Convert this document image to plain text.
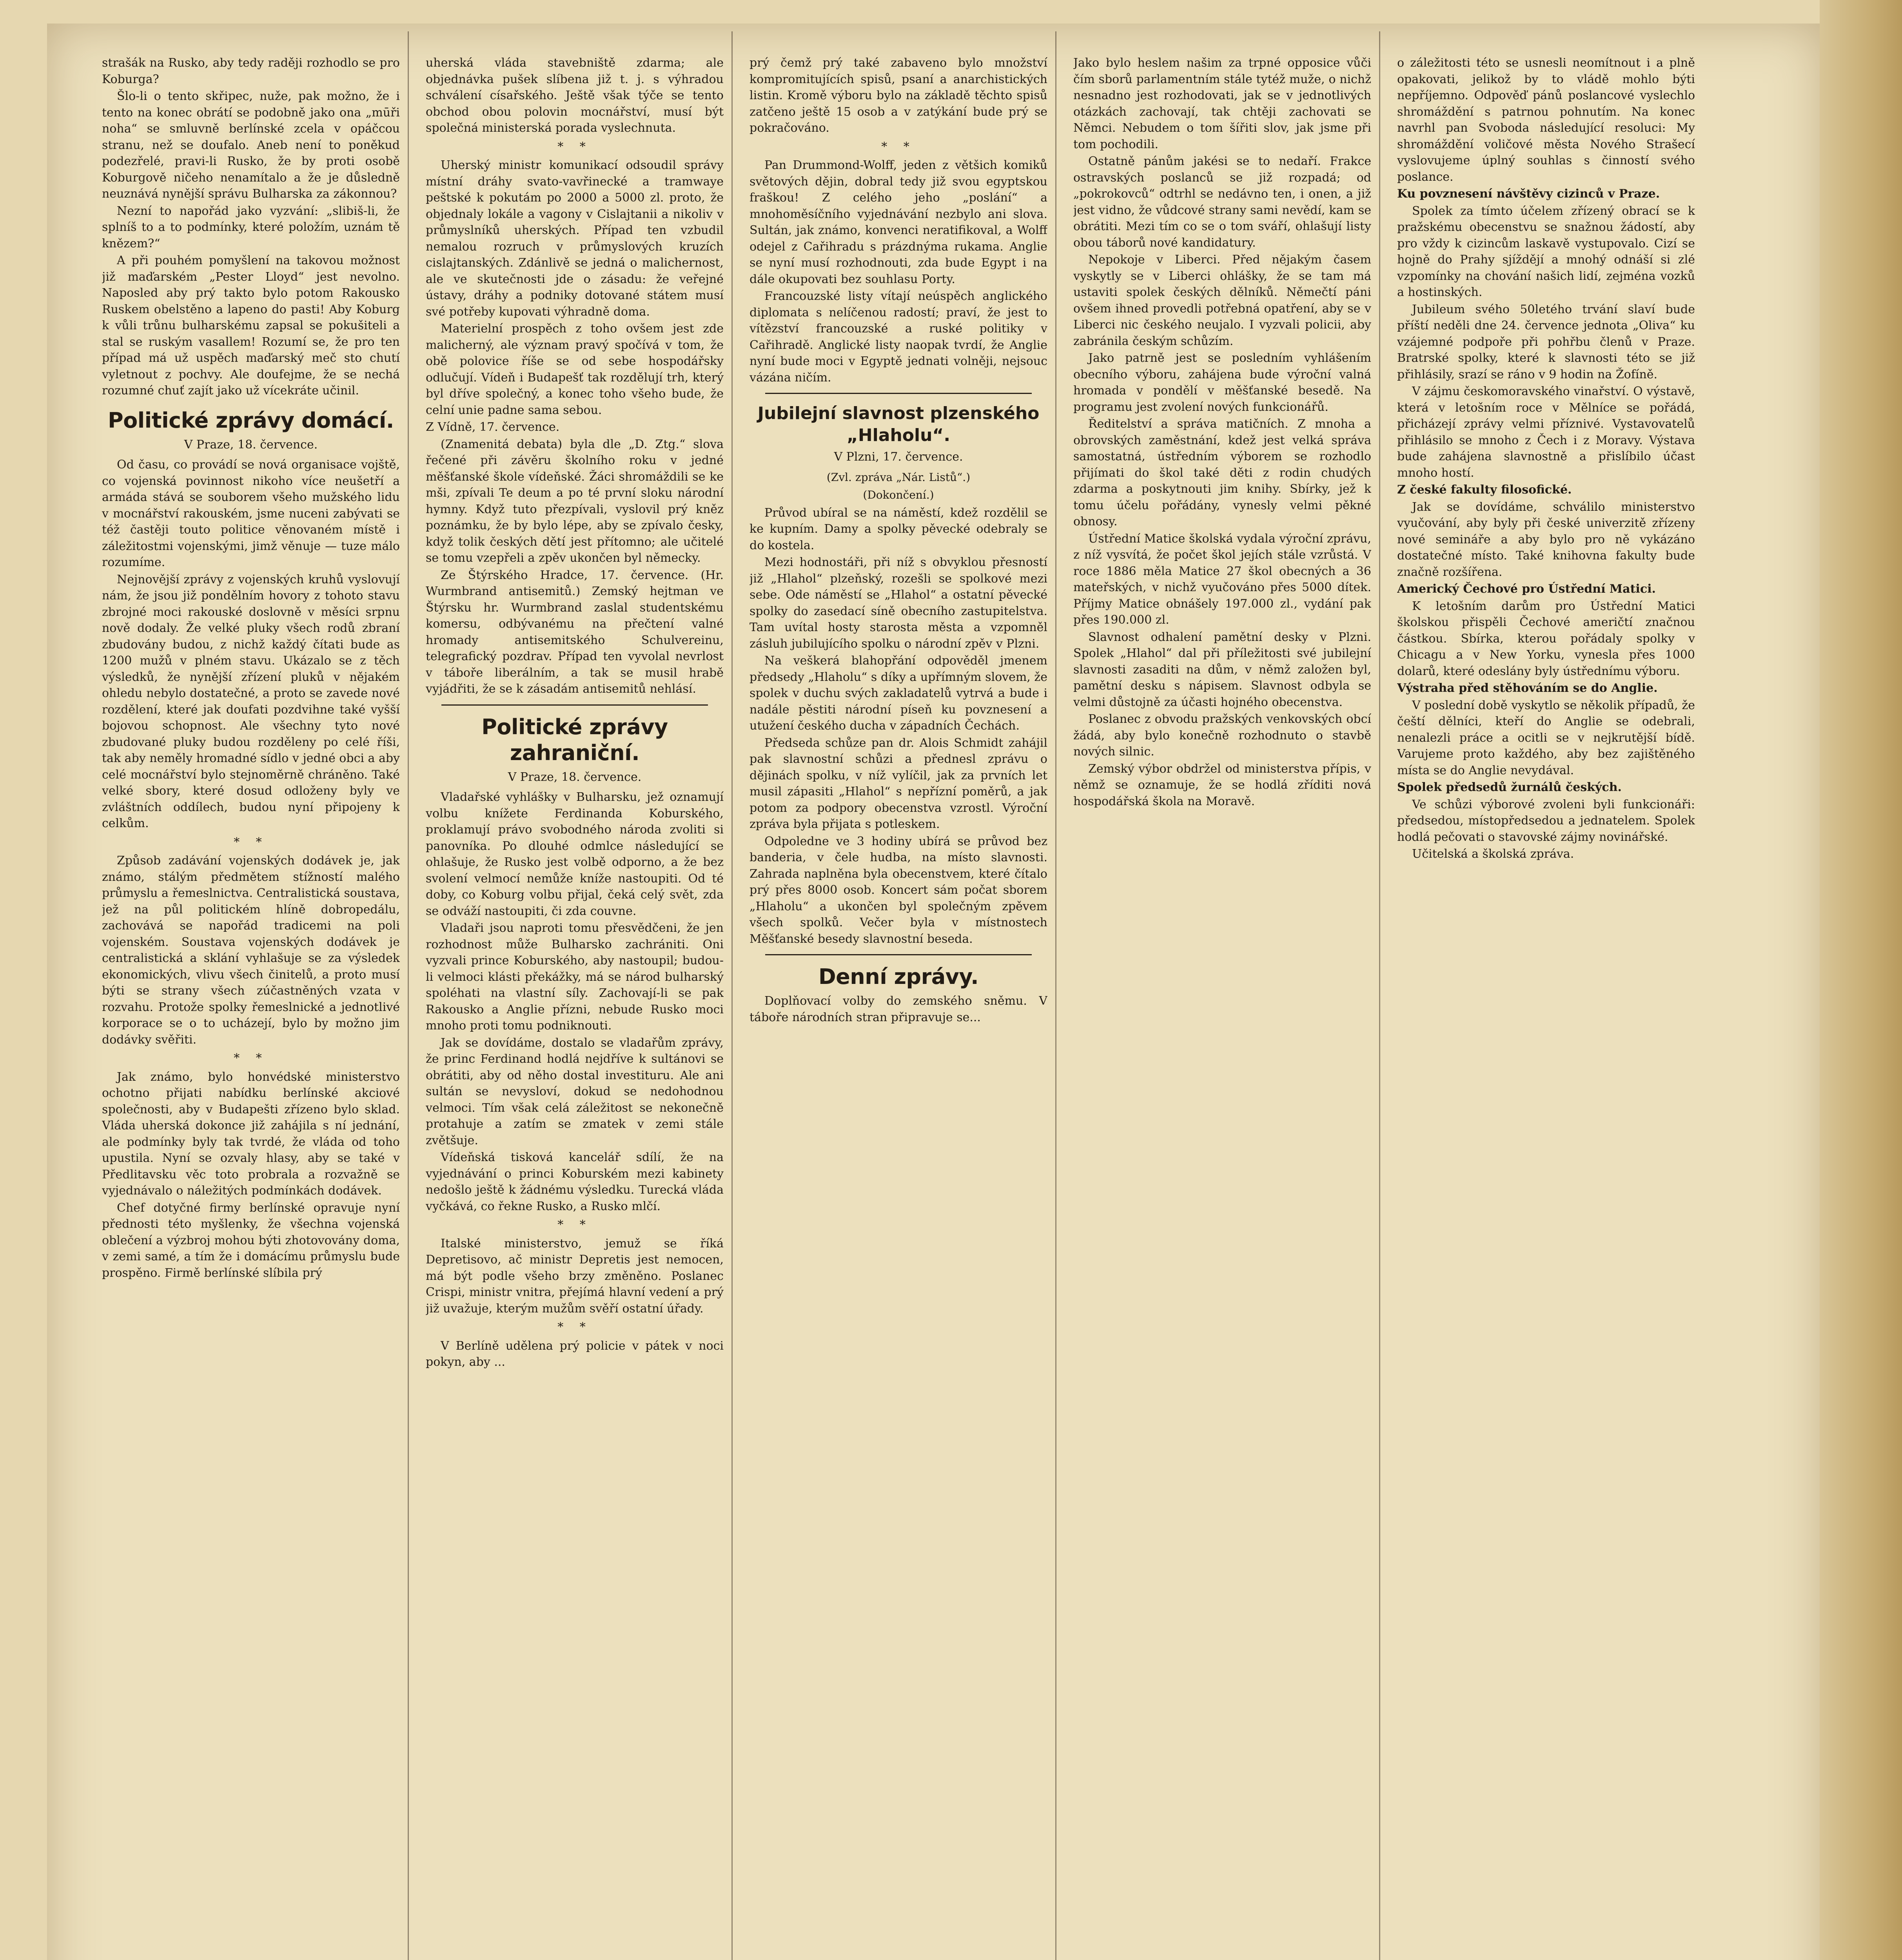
strašák na Rusko, aby tedy raději rozhodlo se pro Koburga?

Šlo-li o tento skřipec, nuže, pak možno, že i tento na konec obrátí se podobně jako ona „mūři noha“ se smluvně berlínské zcela v opáčcou stranu, než se doufalo. Aneb není to poněkud podezřelé, pravi-li Rusko, že by proti osobě Koburgově ničeho nenamítalo a že je důsledně neuznává nynější správu Bulharska za zákonnou?

Nezní to napořád jako vyzvání: „slibiš-li, že splníš to a to podmínky, které položím, uznám tě knězem?“

A při pouhém pomyšlení na takovou možnost již maďarském „Pester Lloyd“ jest nevolno. Naposled aby prý takto bylo potom Rakousko Ruskem obelstěno a lapeno do pasti! Aby Koburg k vůli trůnu bulharskému zapsal se pokušiteli a stal se ruským vasallem! Rozumí se, že pro ten případ má už uspěch maďarský meč sto chutí vyletnout z pochvy. Ale doufejme, že se nechá rozumné chuť zajít jako už vícekráte učinil.

Politické zprávy domácí.
V Praze, 18. července.

Od času, co provádí se nová organisace vojště, co vojenská povinnost nikoho více neušetří a armáda stává se souborem všeho mužského lidu v mocnářství rakouském, jsme nuceni zabývati se též častěji touto politice věnovaném místě i záležitostmi vojenskými, jimž věnuje — tuze málo rozumíme.

Nejnovější zprávy z vojenských kruhů vyslovují nám, že jsou již pondělním hovory z tohoto stavu zbrojné moci rakouské doslovně v měsíci srpnu nově dodaly. Že velké pluky všech rodů zbraní zbudovány budou, z nichž každý čítati bude as 1200 mužů v plném stavu. Ukázalo se z těch výsledků, že nynější zřízení pluků v nějakém ohledu nebylo dostatečné, a proto se zavede nové rozdělení, které jak doufati pozdvihne také vyšší bojovou schopnost. Ale všechny tyto nové zbudované pluky budou rozděleny po celé říši, tak aby neměly hromadné sídlo v jedné obci a aby celé mocnářství bylo stejnoměrně chráněno. Také velké sbory, které dosud odloženy byly ve zvláštních oddílech, budou nyní připojeny k celkům.

* *

Způsob zadávání vojenských dodávek je, jak známo, stálým předmětem stížností malého průmyslu a řemeslnictva. Centralistická soustava, jež na půl politickém hlíně dobropedálu, zachovává se napořád tradicemi na poli vojenském. Soustava vojenských dodávek je centralistická a sklání vyhlašuje se za výsledek ekonomických, vlivu všech činitelů, a proto musí býti se strany všech zúčastněných vzata v rozvahu. Protože spolky řemeslnické a jednotlivé korporace se o to ucházejí, bylo by možno jim dodávky svěřiti.

* *

Jak známo, bylo honvédské ministerstvo ochotno přijati nabídku berlínské akciové společnosti, aby v Budapešti zřízeno bylo sklad. Vláda uherská dokonce již zahájila s ní jednání, ale podmínky byly tak tvrdé, že vláda od toho upustila. Nyní se ozvaly hlasy, aby se také v Předlitavsku věc toto probrala a rozvažně se vyjednávalo o náležitých podmínkách dodávek.

Chef dotyčné firmy berlínské opravuje nyní přednosti této myšlenky, že všechna vojenská oblečení a výzbroj mohou býti zhotovovány doma, v zemi samé, a tím že i domácímu průmyslu bude prospěno. Firmě berlínské slíbila prý

uherská vláda stavebniště zdarma; ale objednávka pušek slíbena již t. j. s výhradou schválení císařského. Ještě však týče se tento obchod obou polovin mocnářství, musí být společná ministerská porada vyslechnuta.

* *

Uherský ministr komunikací odsoudil správy místní dráhy svato-vavřinecké a tramwaye peštské k pokutám po 2000 a 5000 zl. proto, že objednaly lokále a vagony v Cislajtanii a nikoliv v průmyslníků uherských. Případ ten vzbudil nemalou rozruch v průmyslových kruzích cislajtanských. Zdánlivě se jedná o malichernost, ale ve skutečnosti jde o zásadu: že veřejné ústavy, dráhy a podniky dotované státem musí své potřeby kupovati výhradně doma.

Materielní prospěch z toho ovšem jest zde malicherný, ale význam pravý spočívá v tom, že obě polovice říše se od sebe hospodářsky odlučují. Vídeň i Budapešť tak rozdělují trh, který byl dříve společný, a konec toho všeho bude, že celní unie padne sama sebou.

Z Vídně, 17. července.

(Znamenitá debata) byla dle „D. Ztg.“ slova řečené při závěru školního roku v jedné měšťanské škole vídeňské. Žáci shromáždili se ke mši, zpívali Te deum a po té první sloku národní hymny. Když tuto přezpívali, vyslovil prý kněz poznámku, že by bylo lépe, aby se zpívalo česky, když tolik českých dětí jest přítomno; ale učitelé se tomu vzepřeli a zpěv ukončen byl německy.

Ze Štýrského Hradce, 17. července. (Hr. Wurmbrand antisemitů.) Zemský hejtman ve Štýrsku hr. Wurmbrand zaslal studentskému komersu, odbývanému na přečtení valné hromady antisemitského Schulvereinu, telegrafický pozdrav. Případ ten vyvolal nevrlost v táboře liberálním, a tak se musil hrabě vyjádřiti, že se k zásadám antisemitů nehlásí.

Politické zprávy zahraniční.
V Praze, 18. července.

Vladařské vyhlášky v Bulharsku, jež oznamují volbu knížete Ferdinanda Koburského, proklamují právo svobodného národa zvoliti si panovníka. Po dlouhé odmlce následující se ohlašuje, že Rusko jest volbě odporno, a že bez svolení velmocí nemůže kníže nastoupiti. Od té doby, co Koburg volbu přijal, čeká celý svět, zda se odváží nastoupiti, či zda couvne.

Vladaři jsou naproti tomu přesvědčeni, že jen rozhodnost může Bulharsko zachrániti. Oni vyzvali prince Koburského, aby nastoupil; budou-li velmoci klásti překážky, má se národ bulharský spoléhati na vlastní síly. Zachovají-li se pak Rakousko a Anglie přízni, nebude Rusko moci mnoho proti tomu podniknouti.

Jak se dovídáme, dostalo se vladařům zprávy, že princ Ferdinand hodlá nejdříve k sultánovi se obrátiti, aby od něho dostal investituru. Ale ani sultán se nevysloví, dokud se nedohodnou velmoci. Tím však celá záležitost se nekonečně protahuje a zatím se zmatek v zemi stále zvětšuje.

Vídeňská tisková kancelář sdílí, že na vyjednávání o princi Koburském mezi kabinety nedošlo ještě k žádnému výsledku. Turecká vláda vyčkává, co řekne Rusko, a Rusko mlčí.

* *

Italské ministerstvo, jemuž se říká Depretisovo, ač ministr Depretis jest nemocen, má být podle všeho brzy změněno. Poslanec Crispi, ministr vnitra, přejímá hlavní vedení a prý již uvažuje, kterým mužům svěří ostatní úřady.

* *

V Berlíně udělena prý policie v pátek v noci pokyn, aby ...

prý čemž prý také zabaveno bylo množství kompromitujících spisů, psaní a anarchistických listin. Kromě výboru bylo na základě těchto spisů zatčeno ještě 15 osob a v zatýkání bude prý se pokračováno.

* *

Pan Drummond-Wolff, jeden z většich komiků světových dějin, dobral tedy již svou egyptskou fraškou! Z celého jeho „poslání“ a mnohoměsíčního vyjednávání nezbylo ani slova. Sultán, jak známo, konvenci neratifikoval, a Wolff odejel z Cařihradu s prázdnýma rukama. Anglie se nyní musí rozhodnouti, zda bude Egypt i na dále okupovati bez souhlasu Porty.

Francouzské listy vítají neúspěch anglického diplomata s nelíčenou radostí; praví, že jest to vítězství francouzské a ruské politiky v Cařihradě. Anglické listy naopak tvrdí, že Anglie nyní bude moci v Egyptě jednati volněji, nejsouc vázána ničím.

Jubilejní slavnost plzenského „Hlaholu“.
V Plzni, 17. července.
(Zvl. zpráva „Nár. Listů“.)
(Dokončení.)

Průvod ubíral se na náměstí, kdež rozdělil se ke kupním. Damy a spolky pěvecké odebraly se do kostela.

Mezi hodnostáři, při níž s obvyklou přesností již „Hlahol“ plzeňský, rozešli se spolkové mezi sebe. Ode náměstí se „Hlahol“ a ostatní pěvecké spolky do zasedací síně obecního zastupitelstva. Tam uvítal hosty starosta města a vzpomněl zásluh jubilujícího spolku o národní zpěv v Plzni.

Na veškerá blahopřání odpověděl jmenem předsedy „Hlaholu“ s díky a upřímným slovem, že spolek v duchu svých zakladatelů vytrvá a bude i nadále pěstiti národní píseň ku povznesení a utužení českého ducha v západních Čechách.

Předseda schůze pan dr. Alois Schmidt zahájil pak slavnostní schůzi a přednesl zprávu o dějinách spolku, v níž vylíčil, jak za prvních let musil zápasiti „Hlahol“ s nepřízní poměrů, a jak potom za podpory obecenstva vzrostl. Výroční zpráva byla přijata s potleskem.

Odpoledne ve 3 hodiny ubírá se průvod bez banderia, v čele hudba, na místo slavnosti. Zahrada naplněna byla obecenstvem, které čítalo prý přes 8000 osob. Koncert sám počat sborem „Hlaholu“ a ukončen byl společným zpěvem všech spolků. Večer byla v místnostech Měšťanské besedy slavnostní beseda.

Denní zprávy.

Doplňovací volby do zemského sněmu. V táboře národních stran připravuje se...

Jako bylo heslem našim za trpné opposice vůči čím sborů parlamentním stále tytéž muže, o nichž nesnadno jest rozhodovati, jak se v jednotlivých otázkách zachovají, tak chtěji zachovati se Němci. Nebudem o tom šířiti slov, jak jsme při tom pochodili.

Ostatně pánům jakési se to nedaří. Frakce ostravských poslanců se již rozpadá; od „pokrokovců“ odtrhl se nedávno ten, i onen, a již jest vidno, že vůdcové strany sami nevědí, kam se obrátiti. Mezi tím co se o tom sváří, ohlašují listy obou táborů nové kandidatury.

Nepokoje v Liberci. Před nějakým časem vyskytly se v Liberci ohlášky, že se tam má ustaviti spolek českých dělníků. Němečtí páni ovšem ihned provedli potřebná opatření, aby se v Liberci nic českého neujalo. I vyzvali policii, aby zabránila českým schůzím.

Jako patrně jest se posledním vyhlášením obecního výboru, zahájena bude výroční valná hromada v pondělí v měšťanské besedě. Na programu jest zvolení nových funkcionářů.

Ředitelství a správa matičních. Z mnoha a obrovských zaměstnání, kdež jest velká správa samostatná, ústředním výborem se rozhodlo přijímati do škol také děti z rodin chudých zdarma a poskytnouti jim knihy. Sbírky, jež k tomu účelu pořádány, vynesly velmi pěkné obnosy.

Ústřední Matice školská vydala výroční zprávu, z níž vysvítá, že počet škol jejích stále vzrůstá. V roce 1886 měla Matice 27 škol obecných a 36 mateřských, v nichž vyučováno přes 5000 dítek. Příjmy Matice obnášely 197.000 zl., vydání pak přes 190.000 zl.

Slavnost odhalení pamětní desky v Plzni. Spolek „Hlahol“ dal při příležitosti své jubilejní slavnosti zasaditi na dům, v němž založen byl, pamětní desku s nápisem. Slavnost odbyla se velmi důstojně za účasti hojného obecenstva.

Poslanec z obvodu pražských venkovských obcí žádá, aby bylo konečně rozhodnuto o stavbě nových silnic.

Zemský výbor obdržel od ministerstva přípis, v němž se oznamuje, že se hodlá zříditi nová hospodářská škola na Moravě.

o záležitosti této se usnesli neomítnout i a plně opakovati, jelikož by to vládě mohlo býti nepříjemno. Odpověď pánů poslancové vyslechlo shromáždění s patrnou pohnutím. Na konec navrhl pan Svoboda následující resoluci: My shromáždění voličové města Nového Strašecí vyslovujeme úplný souhlas s činností svého poslance.

Ku povznesení návštěvy cizinců v Praze.

Spolek za tímto účelem zřízený obrací se k pražskému obecenstvu se snažnou žádostí, aby pro vždy k cizincům laskavě vystupovalo. Cizí se hojně do Prahy sjíždějí a mnohý odnáší si zlé vzpomínky na chování našich lidí, zejména vozků a hostinských.

Jubileum svého 50letého trvání slaví bude příští neděli dne 24. července jednota „Oliva“ ku vzájemné podpoře při pohřbu členů v Praze. Bratrské spolky, které k slavnosti této se již přihlásily, srazí se ráno v 9 hodin na Žofíně.

V zájmu českomoravského vinařství. O výstavě, která v letošním roce v Mělníce se pořádá, přicházejí zprávy velmi příznivé. Vystavovatelů přihlásilo se mnoho z Čech i z Moravy. Výstava bude zahájena slavnostně a přislíbilo účast mnoho hostí.

Z české fakulty filosofické.

Jak se dovídáme, schválilo ministerstvo vyučování, aby byly při české univerzitě zřízeny nové semináře a aby bylo pro ně vykázáno dostatečné místo. Také knihovna fakulty bude značně rozšířena.

Americký Čechové pro Ústřední Matici.

K letošním darům pro Ústřední Matici školskou přispěli Čechové američtí značnou částkou. Sbírka, kterou pořádaly spolky v Chicagu a v New Yorku, vynesla přes 1000 dolarů, které odeslány byly ústřednímu výboru.

Výstraha před stěhováním se do Anglie.

V poslední době vyskytlo se několik případů, že čeští dělníci, kteří do Anglie se odebrali, nenalezli práce a ocitli se v nejkrutější bídě. Varujeme proto každého, aby bez zajištěného místa se do Anglie nevydával.

Spolek předsedů žurnálů českých.

Ve schůzi výborové zvoleni byli funkcionáři: předsedou, místopředsedou a jednatelem. Spolek hodlá pečovati o stavovské zájmy novinářské.

Učitelská a školská zpráva.
